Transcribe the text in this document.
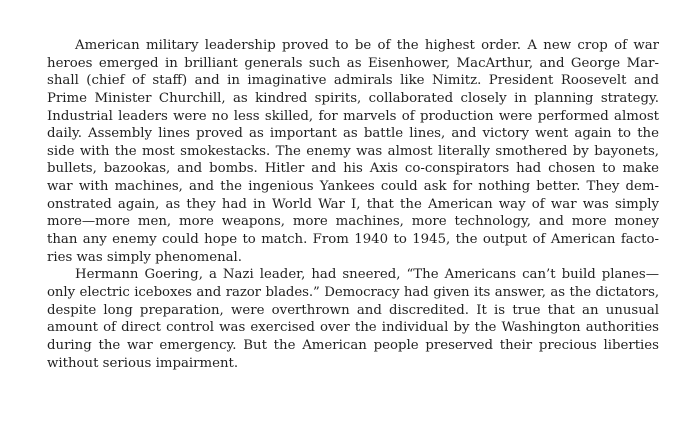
American military leadership proved to be of the highest order. A new crop of war
heroes emerged in brilliant generals such as Eisenhower, MacArthur, and George Mar-
shall (chief of staff) and in imaginative admirals like Nimitz. President Roosevelt and
Prime Minister Churchill, as kindred spirits, collaborated closely in planning strategy.
Industrial leaders were no less skilled, for marvels of production were performed almost
daily. Assembly lines proved as important as battle lines, and victory went again to the
side with the most smokestacks. The enemy was almost literally smothered by bayonets,
bullets, bazookas, and bombs. Hitler and his Axis co-conspirators had chosen to make
war with machines, and the ingenious Yankees could ask for nothing better. They dem-
onstrated again, as they had in World War I, that the American way of war was simply
more—more men, more weapons, more machines, more technology, and more money
than any enemy could hope to match. From 1940 to 1945, the output of American facto-
ries was simply phenomenal.
Hermann Goering, a Nazi leader, had sneered, “The Americans can’t build planes—
only electric iceboxes and razor blades.” Democracy had given its answer, as the dictators,
despite long preparation, were overthrown and discredited. It is true that an unusual
amount of direct control was exercised over the individual by the Washington authorities
during the war emergency. But the American people preserved their precious liberties
without serious impairment.
